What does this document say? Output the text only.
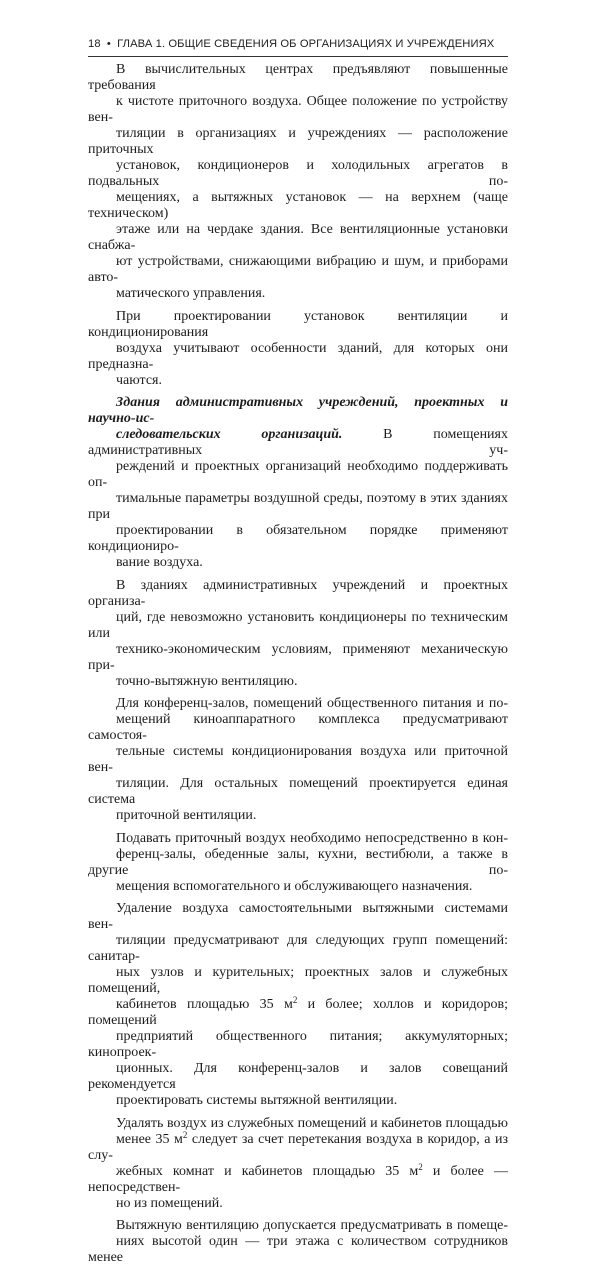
18 • ГЛАВА 1. ОБЩИЕ СВЕДЕНИЯ ОБ ОРГАНИЗАЦИЯХ И УЧРЕЖДЕНИЯХ
В вычислительных центрах предъявляют повышенные требования
к чистоте приточного воздуха. Общее положение по устройству вен-
тиляции в организациях и учреждениях — расположение приточных
установок, кондиционеров и холодильных агрегатов в подвальных по-
мещениях, а вытяжных установок — на верхнем (чаще техническом)
этаже или на чердаке здания. Все вентиляционные установки снабжа-
ют устройствами, снижающими вибрацию и шум, и приборами авто-
матического управления.
При проектировании установок вентиляции и кондиционирования
воздуха учитывают особенности зданий, для которых они предназна-
чаются.
Здания административных учреждений, проектных и научно-ис-
следовательских организаций. В помещениях административных уч-
реждений и проектных организаций необходимо поддерживать оп-
тимальные параметры воздушной среды, поэтому в этих зданиях при
проектировании в обязательном порядке применяют кондициониро-
вание воздуха.
В зданиях административных учреждений и проектных организа-
ций, где невозможно установить кондиционеры по техническим или
технико-экономическим условиям, применяют механическую при-
точно-вытяжную вентиляцию.
Для конференц-залов, помещений общественного питания и по-
мещений киноаппаратного комплекса предусматривают самостоя-
тельные системы кондиционирования воздуха или приточной вен-
тиляции. Для остальных помещений проектируется единая система
приточной вентиляции.
Подавать приточный воздух необходимо непосредственно в кон-
ференц-залы, обеденные залы, кухни, вестибюли, а также в другие по-
мещения вспомогательного и обслуживающего назначения.
Удаление воздуха самостоятельными вытяжными системами вен-
тиляции предусматривают для следующих групп помещений: санитар-
ных узлов и курительных; проектных залов и служебных помещений,
кабинетов площадью 35 $м^2$ и более; холлов и коридоров; помещений
предприятий общественного питания; аккумуляторных; кинопроек-
ционных. Для конференц-залов и залов совещаний рекомендуется
проектировать системы вытяжной вентиляции.
Удалять воздух из служебных помещений и кабинетов площадью
менее 35 $м^2$ следует за счет перетекания воздуха в коридор, а из слу-
жебных комнат и кабинетов площадью 35 $м^2$ и более — непосредствен-
но из помещений.
Вытяжную вентиляцию допускается предусматривать в помеще-
ниях высотой один — три этажа с количеством сотрудников менее
